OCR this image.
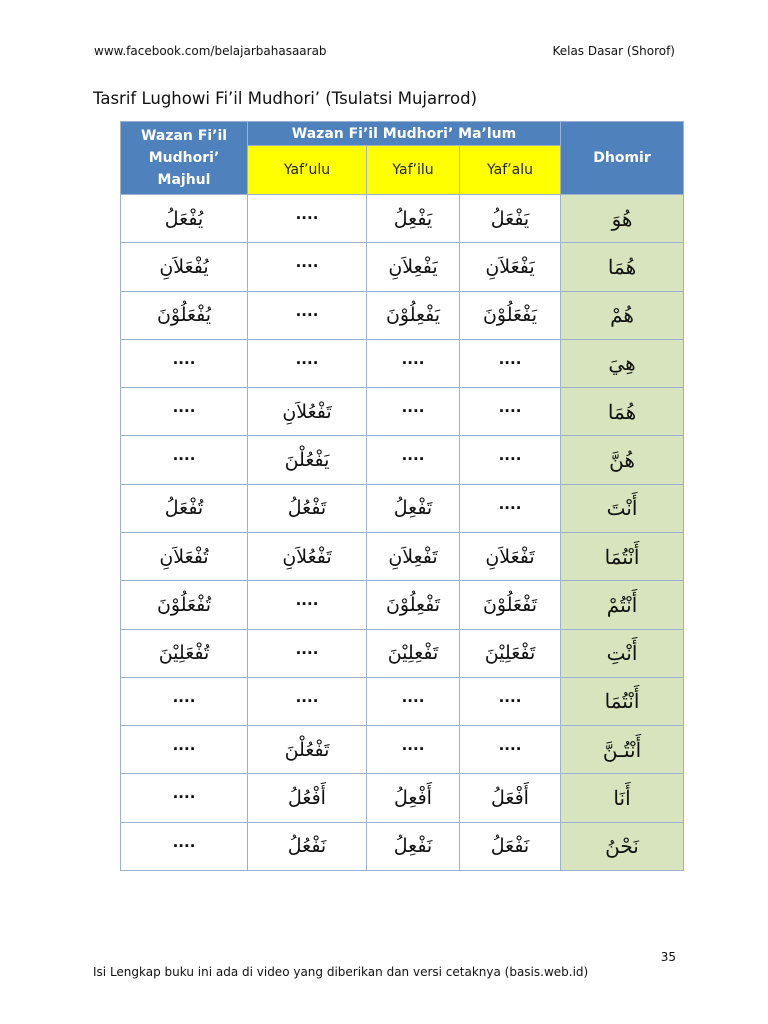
www.facebook.com/belajarbahasaarab	Kelas Dasar (Shorof)
Tasrif Lughowi Fi’il Mudhori’ (Tsulatsi Mujarrod)
Wazan Fi’il Mudhori’ Majhul	Wazan Fi’il Mudhori’ Ma’lum			Dhomir
	Yaf’ulu	Yaf’ilu	Yaf’alu	
يُفْعَلُ	....	يَفْعِلُ	يَفْعَلُ	هُوَ
يُفْعَلاَنِ	....	يَفْعِلاَنِ	يَفْعَلاَنِ	هُمَا
يُفْعَلُوْنَ	....	يَفْعِلُوْنَ	يَفْعَلُوْنَ	هُمْ
....	....	....	....	هِيَ
....	تَفْعُلاَنِ	....	....	هُمَا
....	يَفْعُلْنَ	....	....	هُنَّ
تُفْعَلُ	تَفْعُلُ	تَفْعِلُ	....	أَنْتَ
تُفْعَلاَنِ	تَفْعُلاَنِ	تَفْعِلاَنِ	تَفْعَلاَنِ	أَنْتُمَا
تُفْعَلُوْنَ	....	تَفْعِلُوْنَ	تَفْعَلُوْنَ	أَنْتُمْ
تُفْعَلِيْنَ	....	تَفْعِلِيْنَ	تَفْعَلِيْنَ	أَنْتِ
....	....	....	....	أَنْتُمَا
....	تَفْعُلْنَ	....	....	أَنْتُـنَّ
....	أَفْعُلُ	أَفْعِلُ	أَفْعَلُ	أَنَا
....	نَفْعُلُ	نَفْعِلُ	نَفْعَلُ	نَحْنُ
35
Isi Lengkap buku ini ada di video yang diberikan dan versi cetaknya (basis.web.id)
